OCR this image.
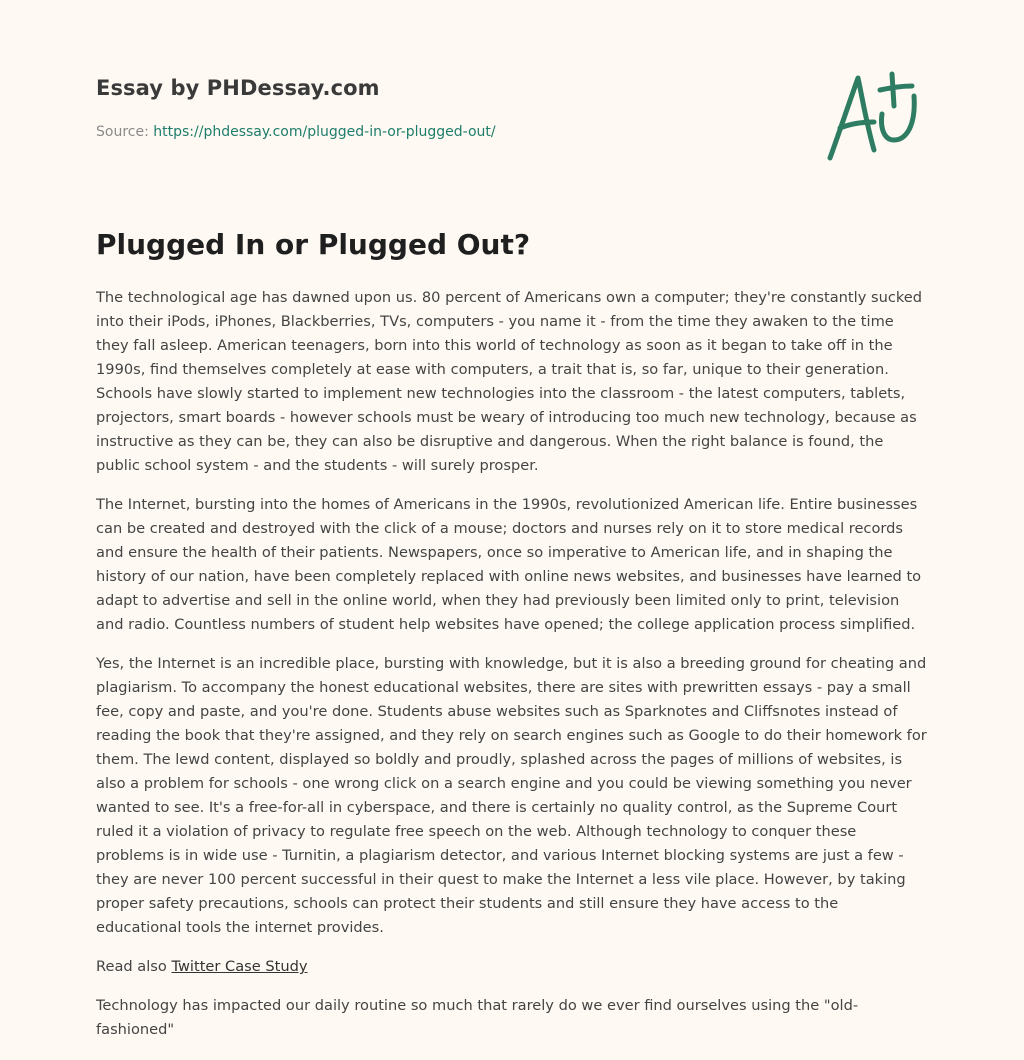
Essay by PHDessay.com
Source: https://phdessay.com/plugged-in-or-plugged-out/
Plugged In or Plugged Out?

The technological age has dawned upon us. 80 percent of Americans own a computer; they're constantly sucked into their iPods, iPhones, Blackberries, TVs, computers - you name it - from the time they awaken to the time they fall asleep. American teenagers, born into this world of technology as soon as it began to take off in the 1990s, find themselves completely at ease with computers, a trait that is, so far, unique to their generation. Schools have slowly started to implement new technologies into the classroom - the latest computers, tablets, projectors, smart boards - however schools must be weary of introducing too much new technology, because as instructive as they can be, they can also be disruptive and dangerous. When the right balance is found, the public school system - and the students - will surely prosper.

The Internet, bursting into the homes of Americans in the 1990s, revolutionized American life. Entire businesses can be created and destroyed with the click of a mouse; doctors and nurses rely on it to store medical records and ensure the health of their patients. Newspapers, once so imperative to American life, and in shaping the history of our nation, have been completely replaced with online news websites, and businesses have learned to adapt to advertise and sell in the online world, when they had previously been limited only to print, television and radio. Countless numbers of student help websites have opened; the college application process simplified.

Yes, the Internet is an incredible place, bursting with knowledge, but it is also a breeding ground for cheating and plagiarism. To accompany the honest educational websites, there are sites with prewritten essays - pay a small fee, copy and paste, and you're done. Students abuse websites such as Sparknotes and Cliffsnotes instead of reading the book that they're assigned, and they rely on search engines such as Google to do their homework for them. The lewd content, displayed so boldly and proudly, splashed across the pages of millions of websites, is also a problem for schools - one wrong click on a search engine and you could be viewing something you never wanted to see. It's a free-for-all in cyberspace, and there is certainly no quality control, as the Supreme Court ruled it a violation of privacy to regulate free speech on the web. Although technology to conquer these problems is in wide use - Turnitin, a plagiarism detector, and various Internet blocking systems are just a few - they are never 100 percent successful in their quest to make the Internet a less vile place. However, by taking proper safety precautions, schools can protect their students and still ensure they have access to the educational tools the internet provides.

Read also Twitter Case Study

Technology has impacted our daily routine so much that rarely do we ever find ourselves using the "old-fashioned"
